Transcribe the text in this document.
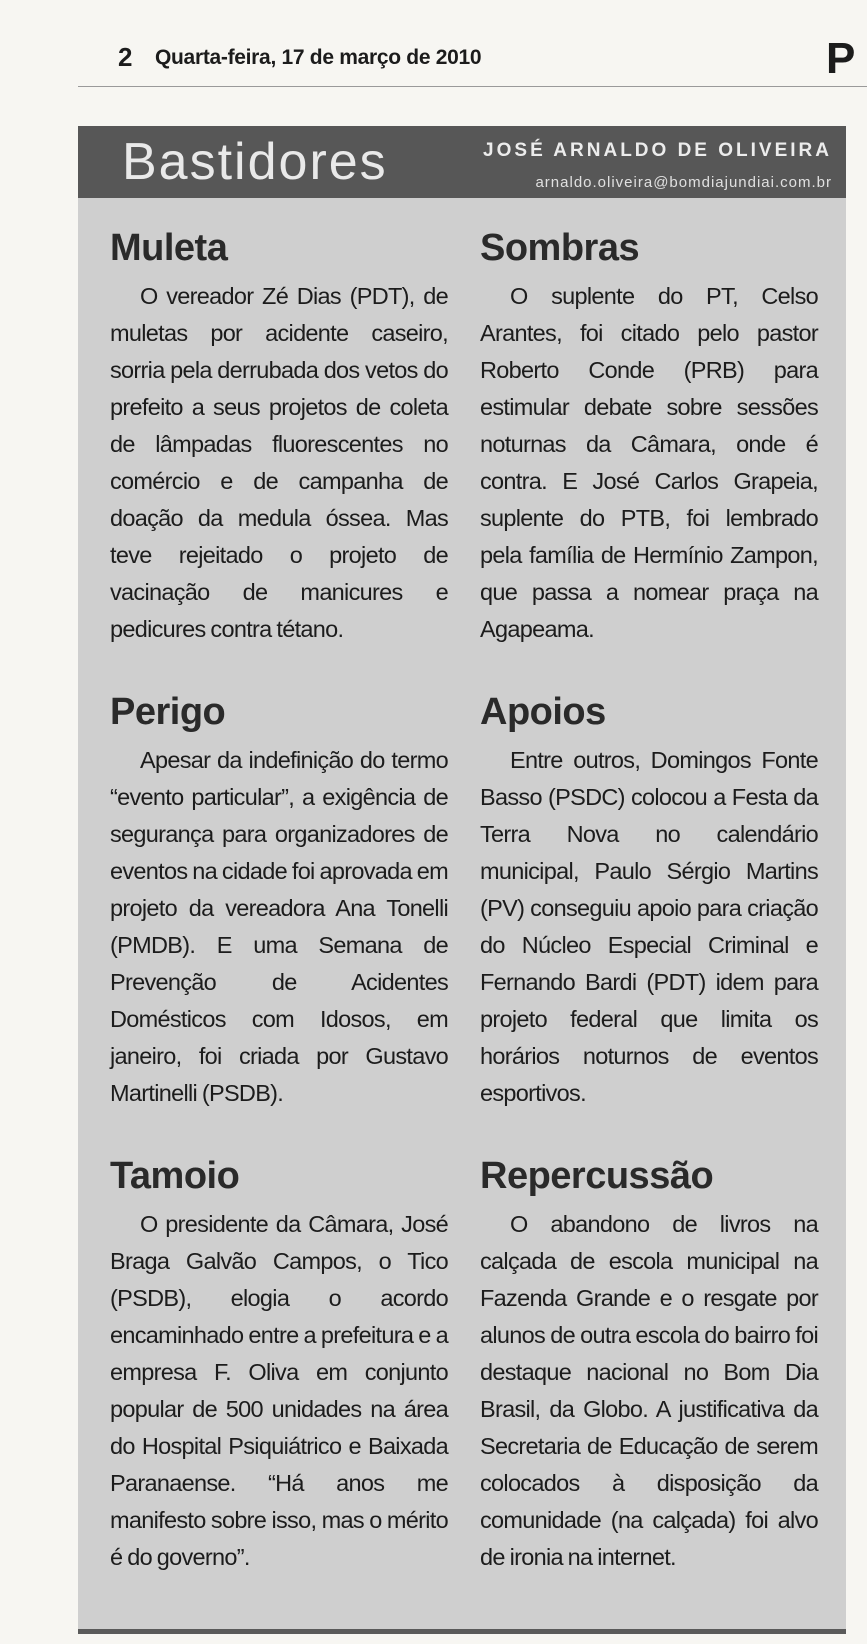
2 Quarta-feira, 17 de março de 2010	P
Bastidores	JOSÉ ARNALDO DE OLIVEIRA
arnaldo.oliveira@bomdiajundiai.com.br
Muleta

O vereador Zé Dias (PDT), de muletas por acidente caseiro, sorria pela derrubada dos vetos do prefeito a seus projetos de coleta de lâmpadas fluorescentes no comércio e de campanha de doação da medula óssea. Mas teve rejeitado o projeto de vacinação de manicures e pedicures contra tétano.

Perigo

Apesar da indefinição do termo “evento particular”, a exigência de segurança para organizadores de eventos na cidade foi aprovada em projeto da vereadora Ana Tonelli (PMDB). E uma Semana de Prevenção de Acidentes Domésticos com Idosos, em janeiro, foi criada por Gustavo Martinelli (PSDB).

Tamoio

O presidente da Câmara, José Braga Galvão Campos, o Tico (PSDB), elogia o acordo encaminhado entre a prefeitura e a empresa F. Oliva em conjunto popular de 500 unidades na área do Hospital Psiquiátrico e Baixada Paranaense. “Há anos me manifesto sobre isso, mas o mérito é do governo”.

Sombras

O suplente do PT, Celso Arantes, foi citado pelo pastor Roberto Conde (PRB) para estimular debate sobre sessões noturnas da Câmara, onde é contra. E José Carlos Grapeia, suplente do PTB, foi lembrado pela família de Hermínio Zampon, que passa a nomear praça na Agapeama.

Apoios

Entre outros, Domingos Fonte Basso (PSDC) colocou a Festa da Terra Nova no calendário municipal, Paulo Sérgio Martins (PV) conseguiu apoio para criação do Núcleo Especial Criminal e Fernando Bardi (PDT) idem para projeto federal que limita os horários noturnos de eventos esportivos.

Repercussão

O abandono de livros na calçada de escola municipal na Fazenda Grande e o resgate por alunos de outra escola do bairro foi destaque nacional no Bom Dia Brasil, da Globo. A justificativa da Secretaria de Educação de serem colocados à disposição da comunidade (na calçada) foi alvo de ironia na internet.
